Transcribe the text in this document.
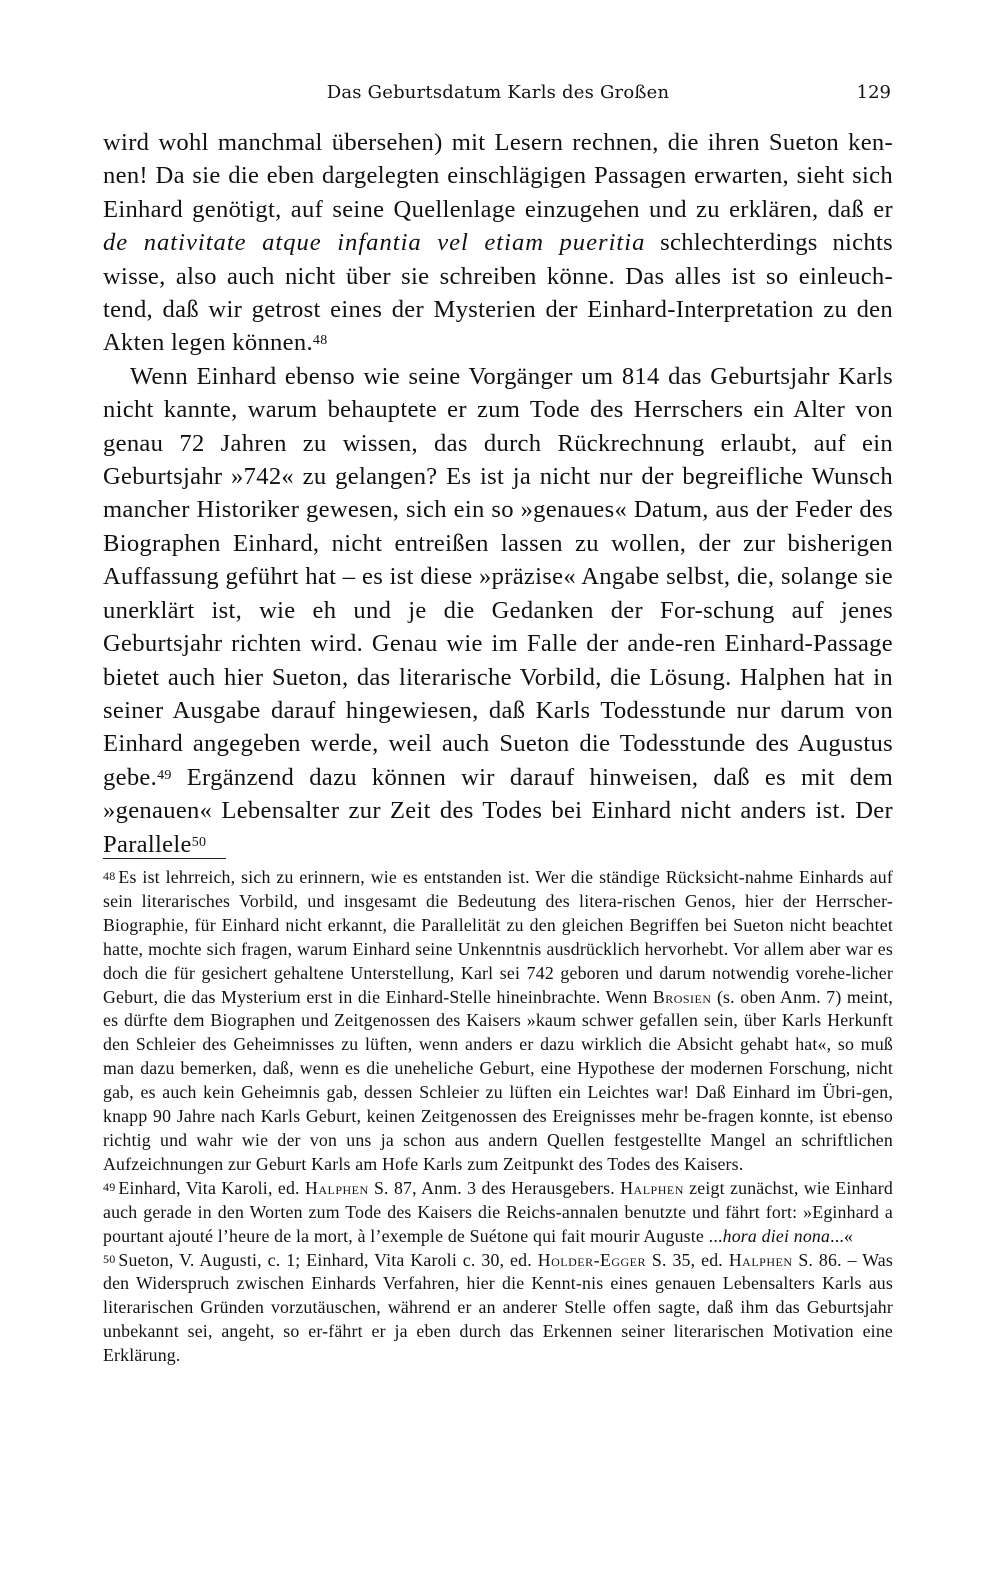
Das Geburtsdatum Karls des Großen	129

wird wohl manchmal übersehen) mit Lesern rechnen, die ihren Sueton ken-nen! Da sie die eben dargelegten einschlägigen Passagen erwarten, sieht sich Einhard genötigt, auf seine Quellenlage einzugehen und zu erklären, daß er de nativitate atque infantia vel etiam pueritia schlechterdings nichts wisse, also auch nicht über sie schreiben könne. Das alles ist so einleuch-tend, daß wir getrost eines der Mysterien der Einhard-Interpretation zu den Akten legen können.$^{48}$

Wenn Einhard ebenso wie seine Vorgänger um 814 das Geburtsjahr Karls nicht kannte, warum behauptete er zum Tode des Herrschers ein Alter von genau 72 Jahren zu wissen, das durch Rückrechnung erlaubt, auf ein Geburtsjahr »742« zu gelangen? Es ist ja nicht nur der begreifliche Wunsch mancher Historiker gewesen, sich ein so »genaues« Datum, aus der Feder des Biographen Einhard, nicht entreißen lassen zu wollen, der zur bisherigen Auffassung geführt hat – es ist diese »präzise« Angabe selbst, die, solange sie unerklärt ist, wie eh und je die Gedanken der For-schung auf jenes Geburtsjahr richten wird. Genau wie im Falle der ande-ren Einhard-Passage bietet auch hier Sueton, das literarische Vorbild, die Lösung. Halphen hat in seiner Ausgabe darauf hingewiesen, daß Karls Todesstunde nur darum von Einhard angegeben werde, weil auch Sueton die Todesstunde des Augustus gebe.$^{49}$ Ergänzend dazu können wir darauf hinweisen, daß es mit dem »genauen« Lebensalter zur Zeit des Todes bei Einhard nicht anders ist. Der Parallele$^{50}$

$^{48}$ Es ist lehrreich, sich zu erinnern, wie es entstanden ist. Wer die ständige Rücksicht-nahme Einhards auf sein literarisches Vorbild, und insgesamt die Bedeutung des litera-rischen Genos, hier der Herrscher-Biographie, für Einhard nicht erkannt, die Parallelität zu den gleichen Begriffen bei Sueton nicht beachtet hatte, mochte sich fragen, warum Einhard seine Unkenntnis ausdrücklich hervorhebt. Vor allem aber war es doch die für gesichert gehaltene Unterstellung, Karl sei 742 geboren und darum notwendig vorehe-licher Geburt, die das Mysterium erst in die Einhard-Stelle hineinbrachte. Wenn Brosien (s. oben Anm. 7) meint, es dürfte dem Biographen und Zeitgenossen des Kaisers »kaum schwer gefallen sein, über Karls Herkunft den Schleier des Geheimnisses zu lüften, wenn anders er dazu wirklich die Absicht gehabt hat«, so muß man dazu bemerken, daß, wenn es die uneheliche Geburt, eine Hypothese der modernen Forschung, nicht gab, es auch kein Geheimnis gab, dessen Schleier zu lüften ein Leichtes war! Daß Einhard im Übri-gen, knapp 90 Jahre nach Karls Geburt, keinen Zeitgenossen des Ereignisses mehr be-fragen konnte, ist ebenso richtig und wahr wie der von uns ja schon aus andern Quellen festgestellte Mangel an schriftlichen Aufzeichnungen zur Geburt Karls am Hofe Karls zum Zeitpunkt des Todes des Kaisers.

$^{49}$ Einhard, Vita Karoli, ed. Halphen S. 87, Anm. 3 des Herausgebers. Halphen zeigt zunächst, wie Einhard auch gerade in den Worten zum Tode des Kaisers die Reichs-annalen benutzte und fährt fort: »Eginhard a pourtant ajouté l’heure de la mort, à l’exemple de Suétone qui fait mourir Auguste ...hora diei nona...«

$^{50}$ Sueton, V. Augusti, c. 1; Einhard, Vita Karoli c. 30, ed. Holder-Egger S. 35, ed. Halphen S. 86. – Was den Widerspruch zwischen Einhards Verfahren, hier die Kennt-nis eines genauen Lebensalters Karls aus literarischen Gründen vorzutäuschen, während er an anderer Stelle offen sagte, daß ihm das Geburtsjahr unbekannt sei, angeht, so er-fährt er ja eben durch das Erkennen seiner literarischen Motivation eine Erklärung.
